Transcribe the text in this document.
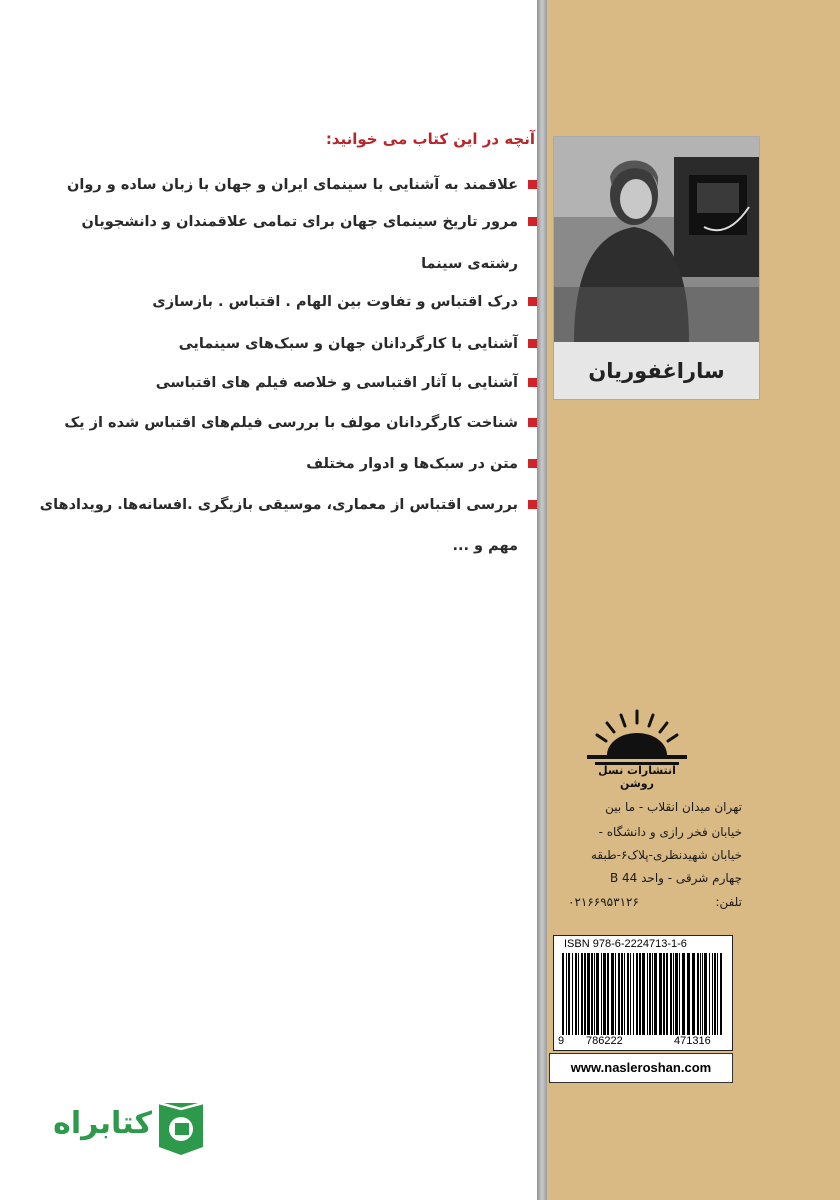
آنچه در این کتاب می خوانید:
علاقمند به آشنایی با سینمای ایران و جهان با زبان ساده و روان
مرور تاریخ سینمای جهان برای تمامی علاقمندان و دانشجویان
رشته‌ی سینما
درک اقتباس و تفاوت بین الهام . اقتباس . بازسازی
آشنایی با کارگردانان جهان و سبک‌های سینمایی
آشنایی با آثار اقتباسی و خلاصه فیلم های اقتباسی
شناخت کارگردانان مولف با بررسی فیلم‌های اقتباس شده از یک
متن در سبک‌ها و ادوار مختلف
بررسی اقتباس از معماری، موسیقی بازیگری .افسانه‌ها. رویدادهای
مهم و ...
ساراغفوریان
انتشارات نسل روشن
تهران میدان انقلاب - ما بین
خیابان فخر رازی و دانشگاه -
خیابان شهیدنظری-پلاک۶-طبقه
چهارم شرقی - واحد 44 B
تلفن:
۰۲۱۶۶۹۵۳۱۲۶
ISBN 978-6-2224713-1-6
9 786222	471316
www.nasleroshan.com
کتابراه
